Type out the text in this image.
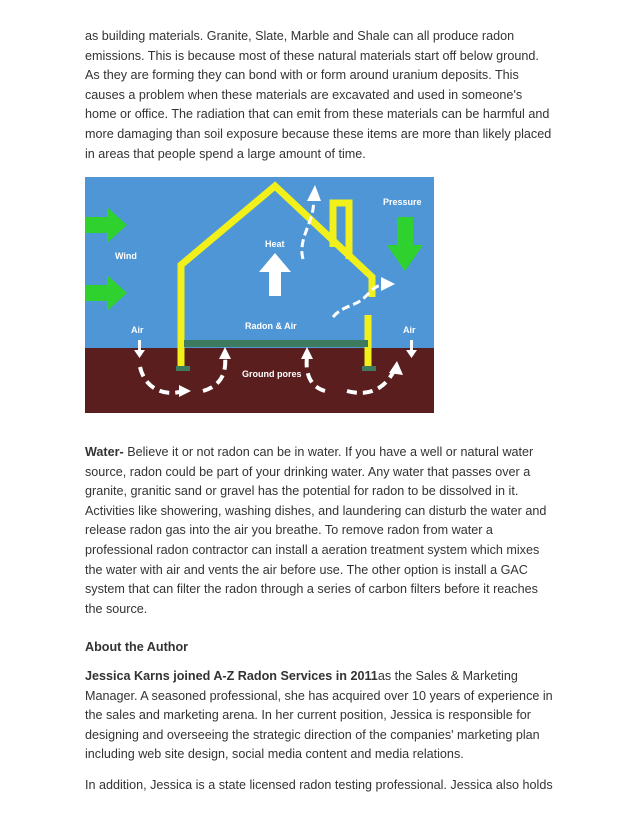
as building materials. Granite, Slate, Marble and Shale can all produce radon emissions. This is because most of these natural materials start off below ground. As they are forming they can bond with or form around uranium deposits. This causes a problem when these materials are excavated and used in someone's home or office. The radiation that can emit from these materials can be harmful and more damaging than soil exposure because these items are more than likely placed in areas that people spend a large amount of time.

Wind
Pressure
Heat
Air	Air
Radon & Air
Ground pores

Water- Believe it or not radon can be in water. If you have a well or natural water source, radon could be part of your drinking water. Any water that passes over a granite, granitic sand or gravel has the potential for radon to be dissolved in it. Activities like showering, washing dishes, and laundering can disturb the water and release radon gas into the air you breathe. To remove radon from water a professional radon contractor can install a aeration treatment system which mixes the water with air and vents the air before use. The other option is install a GAC system that can filter the radon through a series of carbon filters before it reaches the source.

About the Author

Jessica Karns joined A-Z Radon Services in 2011as the Sales & Marketing Manager. A seasoned professional, she has acquired over 10 years of experience in the sales and marketing arena. In her current position, Jessica is responsible for designing and overseeing the strategic direction of the companies' marketing plan including web site design, social media content and media relations.

In addition, Jessica is a state licensed radon testing professional. Jessica also holds
